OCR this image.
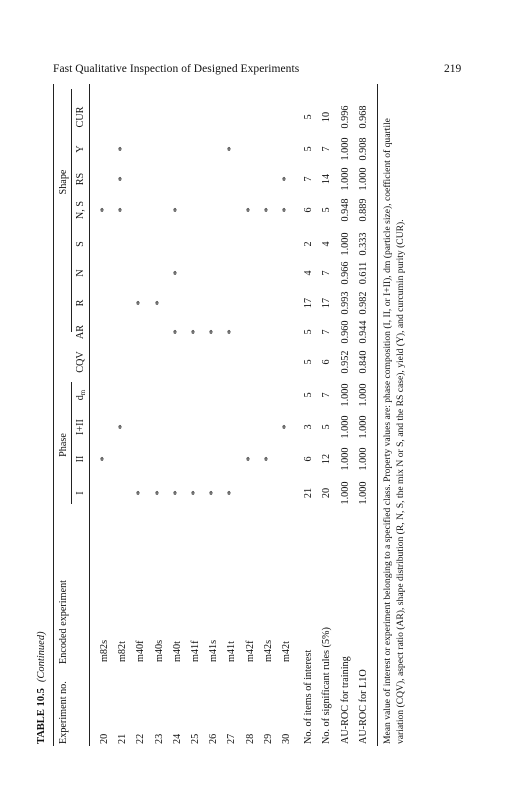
Fast Qualitative Inspection of Designed Experiments	219
TABLE 10.5(Continued)
Experiment no.
Encoded experiment
Phase
Shape
I
II
I+II
$d_m$
CQV
AR
R
N
S
N, S
RS
Y
CUR
20
m82s
*
*
21
m82t
*
*
*
*
22
m40f
*
*
23
m40s
*
*
24
m40t
*
*
*
*
25
m41f
*
*
26
m41s
*
*
27
m41t
*
*
*
28
m42f
*
*
29
m42s
*
*
30
m42t
*
*
*
No. of items of interest
21
6
3
5
5
5
17
4
2
6
7
5
5
No. of significant rules (5%)
20
12
5
7
6
7
17
7
4
5
14
7
10
AU-ROC for training
1.000
1.000
1.000
1.000
0.952
0.960
0.993
0.966
1.000
0.948
1.000
1.000
0.996
AU-ROC for L1O
1.000
1.000
1.000
1.000
0.840
0.944
0.982
0.611
0.333
0.889
1.000
0.908
0.968
Mean value of interest or experiment belonging to a specified class. Property values are: phase composition (I, II, or I+II), dm (particle size), coefficient of quartile variation (CQV), aspect ratio (AR), shape distribution (R, N, S, the mix N or S, and the RS case), yield (Y), and curcumin purity (CUR).
